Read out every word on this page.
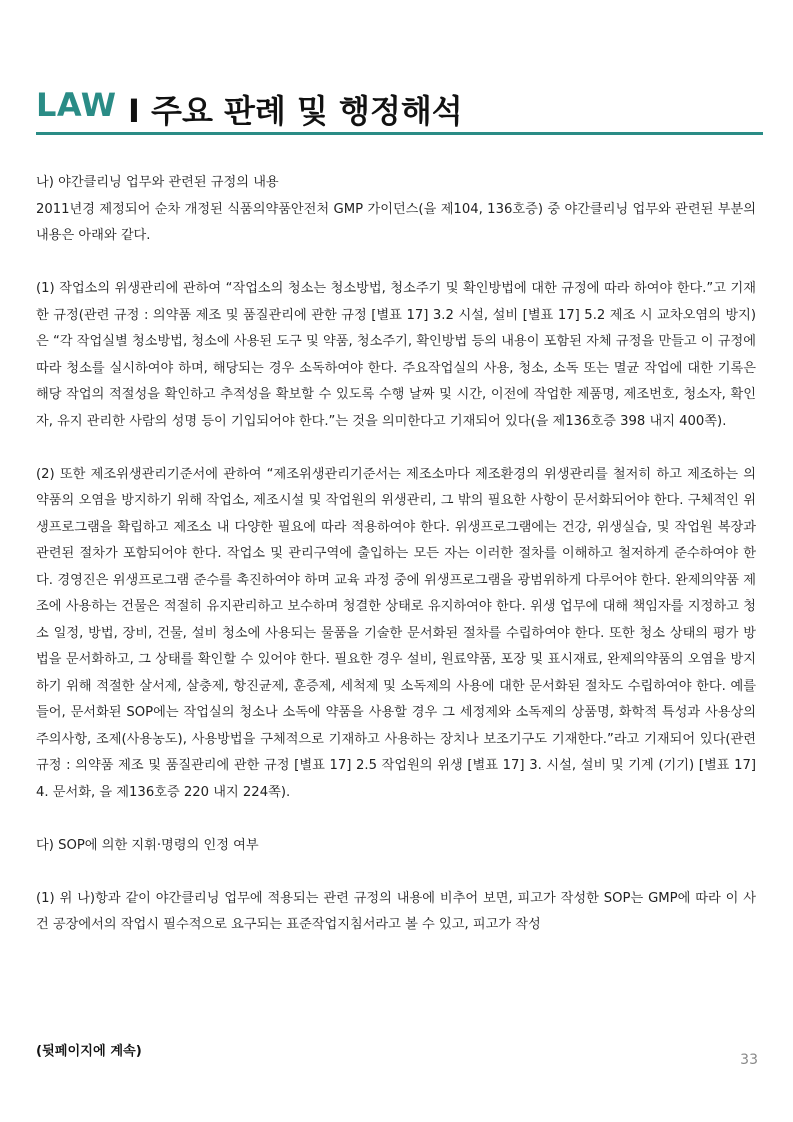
LAW I 주요 판례 및 행정해석

나) 야간클리닝 업무와 관련된 규정의 내용

2011년경 제정되어 순차 개정된 식품의약품안전처 GMP 가이던스(을 제104, 136호증) 중 야간클리닝 업무와 관련된 부분의 내용은 아래와 같다.

(1) 작업소의 위생관리에 관하여 “작업소의 청소는 청소방법, 청소주기 및 확인방법에 대한 규정에 따라 하여야 한다.”고 기재한 규정(관련 규정 : 의약품 제조 및 품질관리에 관한 규정 [별표 17] 3.2 시설, 설비 [별표 17] 5.2 제조 시 교차오염의 방지)은 “각 작업실별 청소방법, 청소에 사용된 도구 및 약품, 청소주기, 확인방법 등의 내용이 포함된 자체 규정을 만들고 이 규정에 따라 청소를 실시하여야 하며, 해당되는 경우 소독하여야 한다. 주요작업실의 사용, 청소, 소독 또는 멸균 작업에 대한 기록은 해당 작업의 적절성을 확인하고 추적성을 확보할 수 있도록 수행 날짜 및 시간, 이전에 작업한 제품명, 제조번호, 청소자, 확인자, 유지 관리한 사람의 성명 등이 기입되어야 한다.”는 것을 의미한다고 기재되어 있다(을 제136호증 398 내지 400쪽).

(2) 또한 제조위생관리기준서에 관하여 “제조위생관리기준서는 제조소마다 제조환경의 위생관리를 철저히 하고 제조하는 의약품의 오염을 방지하기 위해 작업소, 제조시설 및 작업원의 위생관리, 그 밖의 필요한 사항이 문서화되어야 한다. 구체적인 위생프로그램을 확립하고 제조소 내 다양한 필요에 따라 적용하여야 한다. 위생프로그램에는 건강, 위생실습, 및 작업원 복장과 관련된 절차가 포함되어야 한다. 작업소 및 관리구역에 출입하는 모든 자는 이러한 절차를 이해하고 철저하게 준수하여야 한다. 경영진은 위생프로그램 준수를 촉진하여야 하며 교육 과정 중에 위생프로그램을 광범위하게 다루어야 한다. 완제의약품 제조에 사용하는 건물은 적절히 유지관리하고 보수하며 청결한 상태로 유지하여야 한다. 위생 업무에 대해 책임자를 지정하고 청소 일정, 방법, 장비, 건물, 설비 청소에 사용되는 물품을 기술한 문서화된 절차를 수립하여야 한다. 또한 청소 상태의 평가 방법을 문서화하고, 그 상태를 확인할 수 있어야 한다. 필요한 경우 설비, 원료약품, 포장 및 표시재료, 완제의약품의 오염을 방지하기 위해 적절한 살서제, 살충제, 항진균제, 훈증제, 세척제 및 소독제의 사용에 대한 문서화된 절차도 수립하여야 한다. 예를 들어, 문서화된 SOP에는 작업실의 청소나 소독에 약품을 사용할 경우 그 세정제와 소독제의 상품명, 화학적 특성과 사용상의 주의사항, 조제(사용농도), 사용방법을 구체적으로 기재하고 사용하는 장치나 보조기구도 기재한다.”라고 기재되어 있다(관련 규정 : 의약품 제조 및 품질관리에 관한 규정 [별표 17] 2.5 작업원의 위생 [별표 17] 3. 시설, 설비 및 기계 (기기) [별표 17] 4. 문서화, 을 제136호증 220 내지 224쪽).

다) SOP에 의한 지휘·명령의 인정 여부

(1) 위 나)항과 같이 야간클리닝 업무에 적용되는 관련 규정의 내용에 비추어 보면, 피고가 작성한 SOP는 GMP에 따라 이 사건 공장에서의 작업시 필수적으로 요구되는 표준작업지침서라고 볼 수 있고, 피고가 작성

(뒷페이지에 계속)
33
